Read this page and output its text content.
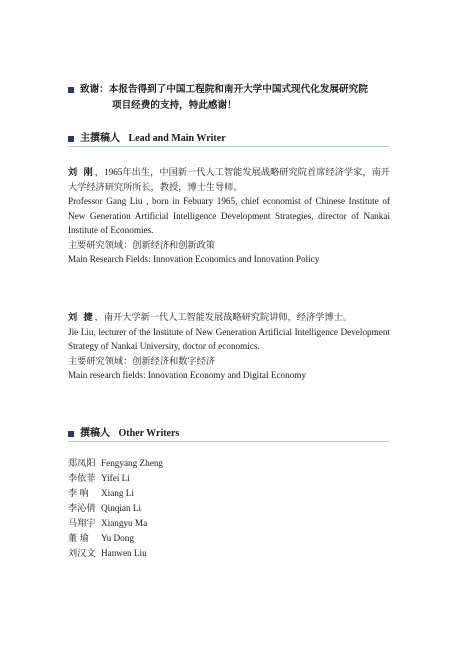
致谢：本报告得到了中国工程院和南开大学中国式现代化发展研究院
项目经费的支持，特此感谢！
主撰稿人 Lead and Main Writer

刘 刚，1965年出生，中国新一代人工智能发展战略研究院首席经济学家，南开大学经济研究所所长，教授，博士生导师。

Professor Gang Liu , born in Febuary 1965, chief economist of Chinese Institute of New Generation Artificial Intelligence Development Strategies, director of Nankai Institute of Economies.

主要研究领域：创新经济和创新政策

Main Research Fields: Innovation Economics and Innovation Policy

刘 捷，南开大学新一代人工智能发展战略研究院讲师，经济学博士。

Jie Liu, lecturer of the Institute of New Generation Artificial Intelligence Development Strategy of Nankai University, doctor of economics.

主要研究领域：创新经济和数字经济

Main research fields: Innovation Economy and Digital Economy

撰稿人 Other Writers
郑凤阳 Fengyang Zheng
李依菲 Yifei Li
李 响	Xiang Li
李沁倩 Qinqian Li
马翔宇 Xiangyu Ma
董 瑜	Yu Dong
刘汉文 Hanwen Liu
